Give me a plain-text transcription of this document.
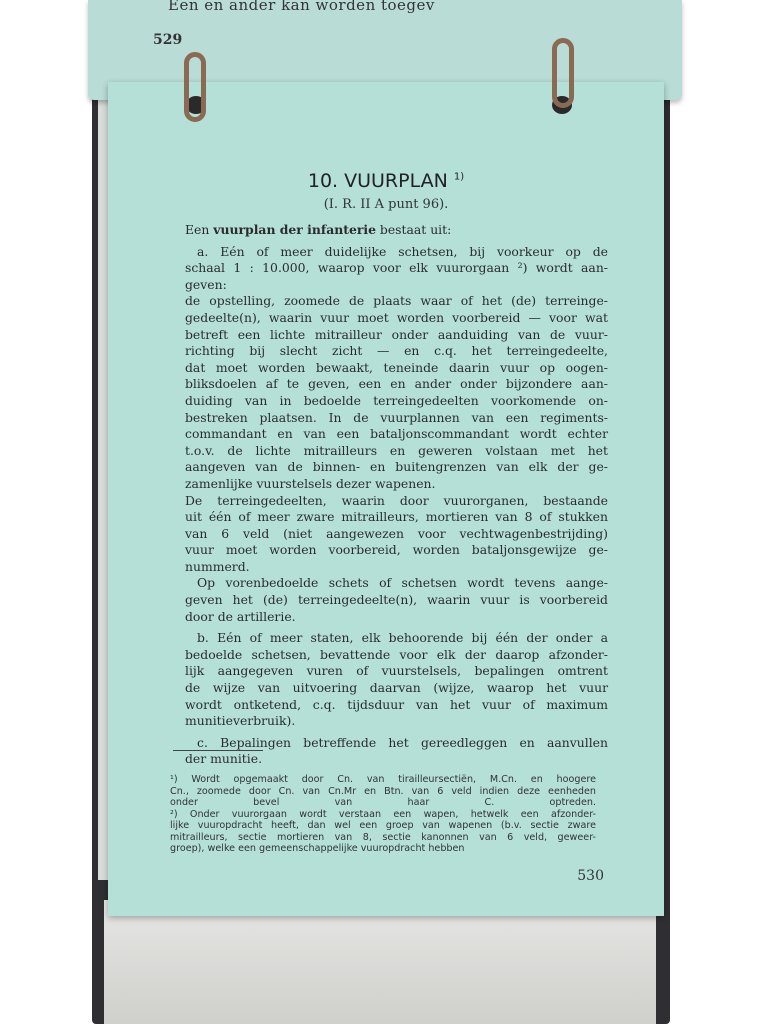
Een en ander kan worden toegev
529
10. VUURPLAN $^{1)}$
(I. R. II A punt 96).
Een vuurplan der infanterie bestaat uit:
a. Eén of meer duidelijke schetsen, bij voorkeur op de
schaal 1 : 10.000, waarop voor elk vuurorgaan ²) wordt aan-
geven:
de opstelling, zoomede de plaats waar of het (de) terreinge-
gedeelte(n), waarin vuur moet worden voorbereid — voor wat
betreft een lichte mitrailleur onder aanduiding van de vuur-
richting bij slecht zicht — en c.q. het terreingedeelte,
dat moet worden bewaakt, teneinde daarin vuur op oogen-
bliksdoelen af te geven, een en ander onder bijzondere aan-
duiding van in bedoelde terreingedeelten voorkomende on-
bestreken plaatsen. In de vuurplannen van een regiments-
commandant en van een bataljonscommandant wordt echter
t.o.v. de lichte mitrailleurs en geweren volstaan met het
aangeven van de binnen- en buitengrenzen van elk der ge-
zamenlijke vuurstelsels dezer wapenen.
De terreingedeelten, waarin door vuurorganen, bestaande
uit één of meer zware mitrailleurs, mortieren van 8 of stukken
van 6 veld (niet aangewezen voor vechtwagenbestrijding)
vuur moet worden voorbereid, worden bataljonsgewijze ge-
nummerd.
Op vorenbedoelde schets of schetsen wordt tevens aange-
geven het (de) terreingedeelte(n), waarin vuur is voorbereid
door de artillerie.
b. Eén of meer staten, elk behoorende bij één der onder a
bedoelde schetsen, bevattende voor elk der daarop afzonder-
lijk aangegeven vuren of vuurstelsels, bepalingen omtrent
de wijze van uitvoering daarvan (wijze, waarop het vuur
wordt ontketend, c.q. tijdsduur van het vuur of maximum
munitieverbruik).
c. Bepalingen betreffende het gereedleggen en aanvullen
der munitie.
¹) Wordt opgemaakt door Cn. van tirailleursectiën, M.Cn. en hoogere
Cn., zoomede door Cn. van Cn.Mr en Btn. van 6 veld indien deze eenheden
onder bevel van haar C. optreden.
²) Onder vuurorgaan wordt verstaan een wapen, hetwelk een afzonder-
lijke vuuropdracht heeft, dan wel een groep van wapenen (b.v. sectie zware
mitrailleurs, sectie mortieren van 8, sectie kanonnen van 6 veld, geweer-
groep), welke een gemeenschappelijke vuuropdracht hebben
530
